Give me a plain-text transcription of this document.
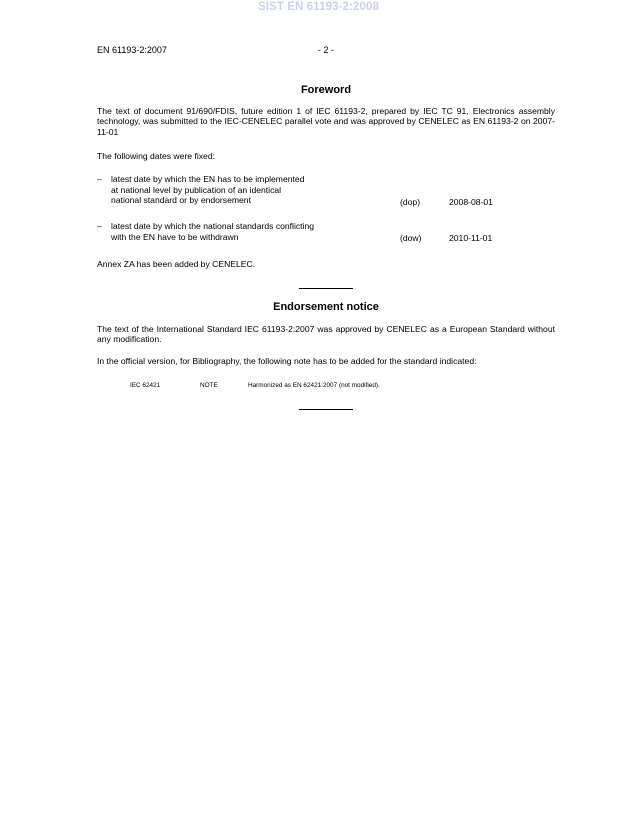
SIST EN 61193-2:2008
EN 61193-2:2007	- 2 -
Foreword
The text of document 91/690/FDIS, future edition 1 of IEC 61193-2, prepared by IEC TC 91, Electronics assembly technology, was submitted to the IEC-CENELEC parallel vote and was approved by CENELEC as EN 61193-2 on 2007-11-01
The following dates were fixed:
– latest date by which the EN has to be implemented
at national level by publication of an identical
national standard or by endorsement	(dop)	2008-08-01
– latest date by which the national standards conflicting
with the EN have to be withdrawn	(dow)	2010-11-01
Annex ZA has been added by CENELEC.
Endorsement notice
The text of the International Standard IEC 61193-2:2007 was approved by CENELEC as a European Standard without any modification.
In the official version, for Bibliography, the following note has to be added for the standard indicated:
IEC 62421	NOTE	Harmonized as EN 62421:2007 (not modified).
